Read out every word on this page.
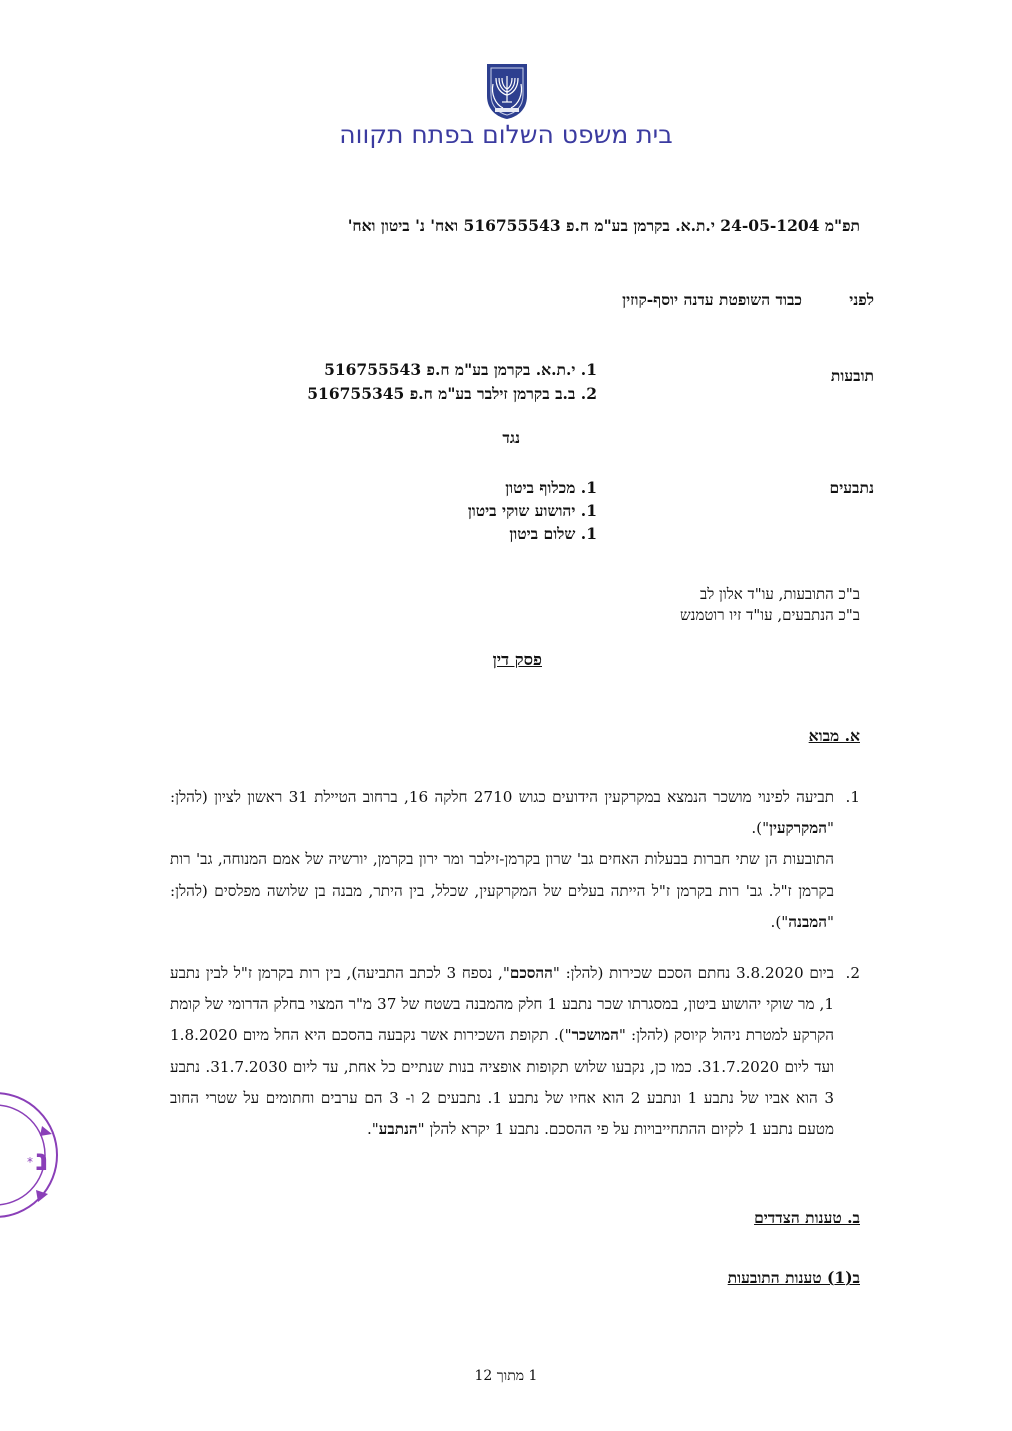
בית משפט השלום בפתח תקווה
תפ"מ 24-05-1204 י.ת.א. בקרמן בע"מ ח.פ 516755543 ואח' נ' ביטון ואח'
לפני
כבוד השופטת עדנה יוסף-קוזין
תובעות
1. י.ת.א. בקרמן בע"מ ח.פ 516755543
2. ב.ב בקרמן זילבר בע"מ ח.פ 516755345
נגד
נתבעים
1. מכלוף ביטון
1. יהושוע שוקי ביטון
1. שלום ביטון
ב"כ התובעות, עו"ד אלון לב
ב"כ הנתבעים, עו"ד זיו רוטמנש
פסק דין
א. מבוא
1.
תביעה לפינוי מושכר הנמצא במקרקעין הידועים כגוש 2710 חלקה 16, ברחוב הטיילת 31 ראשון לציון (להלן: "המקרקעין").
התובעות הן שתי חברות בבעלות האחים גב' שרון בקרמן-זילבר ומר ירון בקרמן, יורשיה של אמם המנוחה, גב' רות בקרמן ז"ל. גב' רות בקרמן ז"ל הייתה בעלים של המקרקעין, שכלל, בין היתר, מבנה בן שלושה מפלסים (להלן: "המבנה").
2.
ביום 3.8.2020 נחתם הסכם שכירות (להלן: "ההסכם", נספח 3 לכתב התביעה), בין רות בקרמן ז"ל לבין נתבע 1, מר שוקי יהושוע ביטון, במסגרתו שכר נתבע 1 חלק מהמבנה בשטח של 37 מ"ר המצוי בחלק הדרומי של קומת הקרקע למטרת ניהול קיוסק (להלן: "המושכר"). תקופת השכירות אשר נקבעה בהסכם היא החל מיום 1.8.2020 ועד ליום 31.7.2020. כמו כן, נקבעו שלוש תקופות אופציה בנות שנתיים כל אחת, עד ליום 31.7.2030. נתבע 3 הוא אביו של נתבע 1 ונתבע 2 הוא אחיו של נתבע 1. נתבעים 2 ו- 3 הם ערבים וחתומים על שטרי החוב מטעם נתבע 1 לקיום ההתחייבויות על פי ההסכם. נתבע 1 יקרא להלן "הנתבע".
ב. טענות הצדדים
ב(1) טענות התובעות
1 מתוך 12
נ
*
